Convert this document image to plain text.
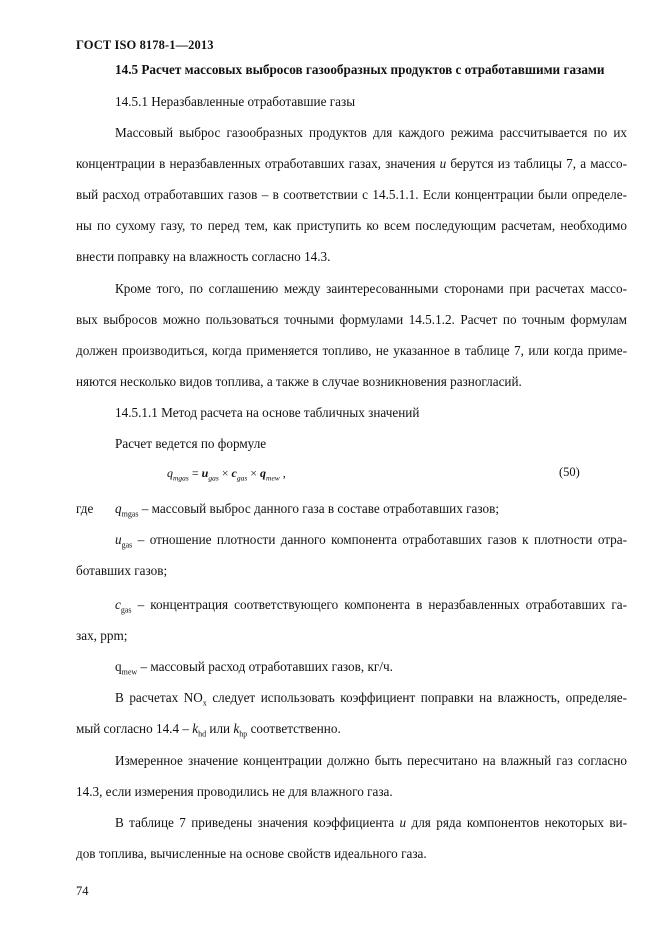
ГОСТ ISO 8178-1—2013
14.5 Расчет массовых выбросов газообразных продуктов с отработавшими газами
14.5.1 Неразбавленные отработавшие газы
Массовый выброс газообразных продуктов для каждого режима рассчитывается по их
концентрации в неразбавленных отработавших газах, значения u берутся из таблицы 7, а массо-
вый расход отработавших газов – в соответствии с 14.5.1.1. Если концентрации были определе-
ны по сухому газу, то перед тем, как приступить ко всем последующим расчетам, необходимо
внести поправку на влажность согласно 14.3.
Кроме того, по соглашению между заинтересованными сторонами при расчетах массо-
вых выбросов можно пользоваться точными формулами 14.5.1.2. Расчет по точным формулам
должен производиться, когда применяется топливо, не указанное в таблице 7, или когда приме-
няются несколько видов топлива, а также в случае возникновения разногласий.
14.5.1.1 Метод расчета на основе табличных значений
Расчет ведется по формуле
$q_{mgas} = u_{gas} \times c_{gas} \times q_{mew}$ ,	(50)
где $q_{mgas}$ – массовый выброс данного газа в составе отработавших газов;
$u_{gas}$ – отношение плотности данного компонента отработавших газов к плотности отра-
ботавших газов;
$c_{gas}$ – концентрация соответствующего компонента в неразбавленных отработавших га-
зах, ppm;
$q_{mew}$ – массовый расход отработавших газов, кг/ч.
В расчетах $NO_x$ следует использовать коэффициент поправки на влажность, определяе-
мый согласно $14.4 - k_{hd}$ или $k_{hp}$ соответственно.
Измеренное значение концентрации должно быть пересчитано на влажный газ согласно
14.3, если измерения проводились не для влажного газа.
В таблице 7 приведены значения коэффициента u для ряда компонентов некоторых ви-
дов топлива, вычисленные на основе свойств идеального газа.
74
